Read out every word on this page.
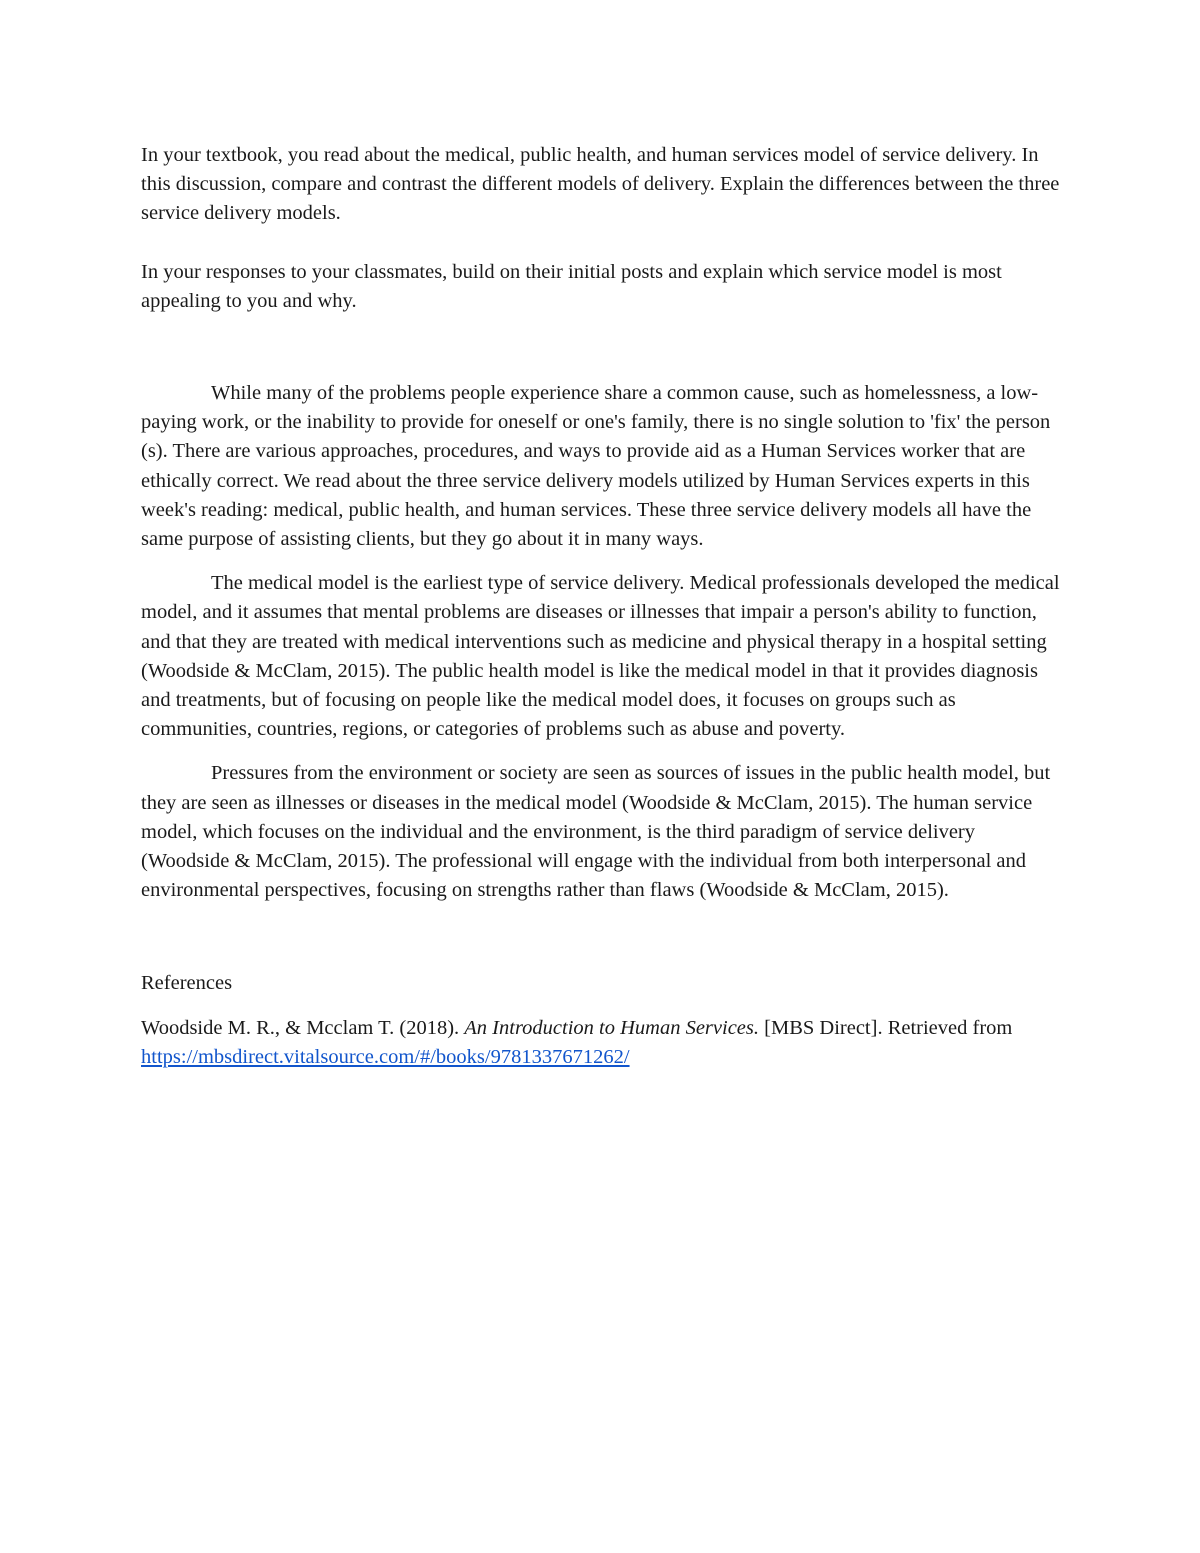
In your textbook, you read about the medical, public health, and human services model of service delivery. In this discussion, compare and contrast the different models of delivery. Explain the differences between the three service delivery models.

In your responses to your classmates, build on their initial posts and explain which service model is most appealing to you and why.

While many of the problems people experience share a common cause, such as homelessness, a low-paying work, or the inability to provide for oneself or one's family, there is no single solution to 'fix' the person (s). There are various approaches, procedures, and ways to provide aid as a Human Services worker that are ethically correct. We read about the three service delivery models utilized by Human Services experts in this week's reading: medical, public health, and human services. These three service delivery models all have the same purpose of assisting clients, but they go about it in many ways.

The medical model is the earliest type of service delivery. Medical professionals developed the medical model, and it assumes that mental problems are diseases or illnesses that impair a person's ability to function, and that they are treated with medical interventions such as medicine and physical therapy in a hospital setting (Woodside & McClam, 2015). The public health model is like the medical model in that it provides diagnosis and treatments, but of focusing on people like the medical model does, it focuses on groups such as communities, countries, regions, or categories of problems such as abuse and poverty.

Pressures from the environment or society are seen as sources of issues in the public health model, but they are seen as illnesses or diseases in the medical model (Woodside & McClam, 2015). The human service model, which focuses on the individual and the environment, is the third paradigm of service delivery (Woodside & McClam, 2015). The professional will engage with the individual from both interpersonal and environmental perspectives, focusing on strengths rather than flaws (Woodside & McClam, 2015).

References

Woodside M. R., & Mcclam T. (2018). An Introduction to Human Services. [MBS Direct]. Retrieved from https://mbsdirect.vitalsource.com/#/books/9781337671262/
